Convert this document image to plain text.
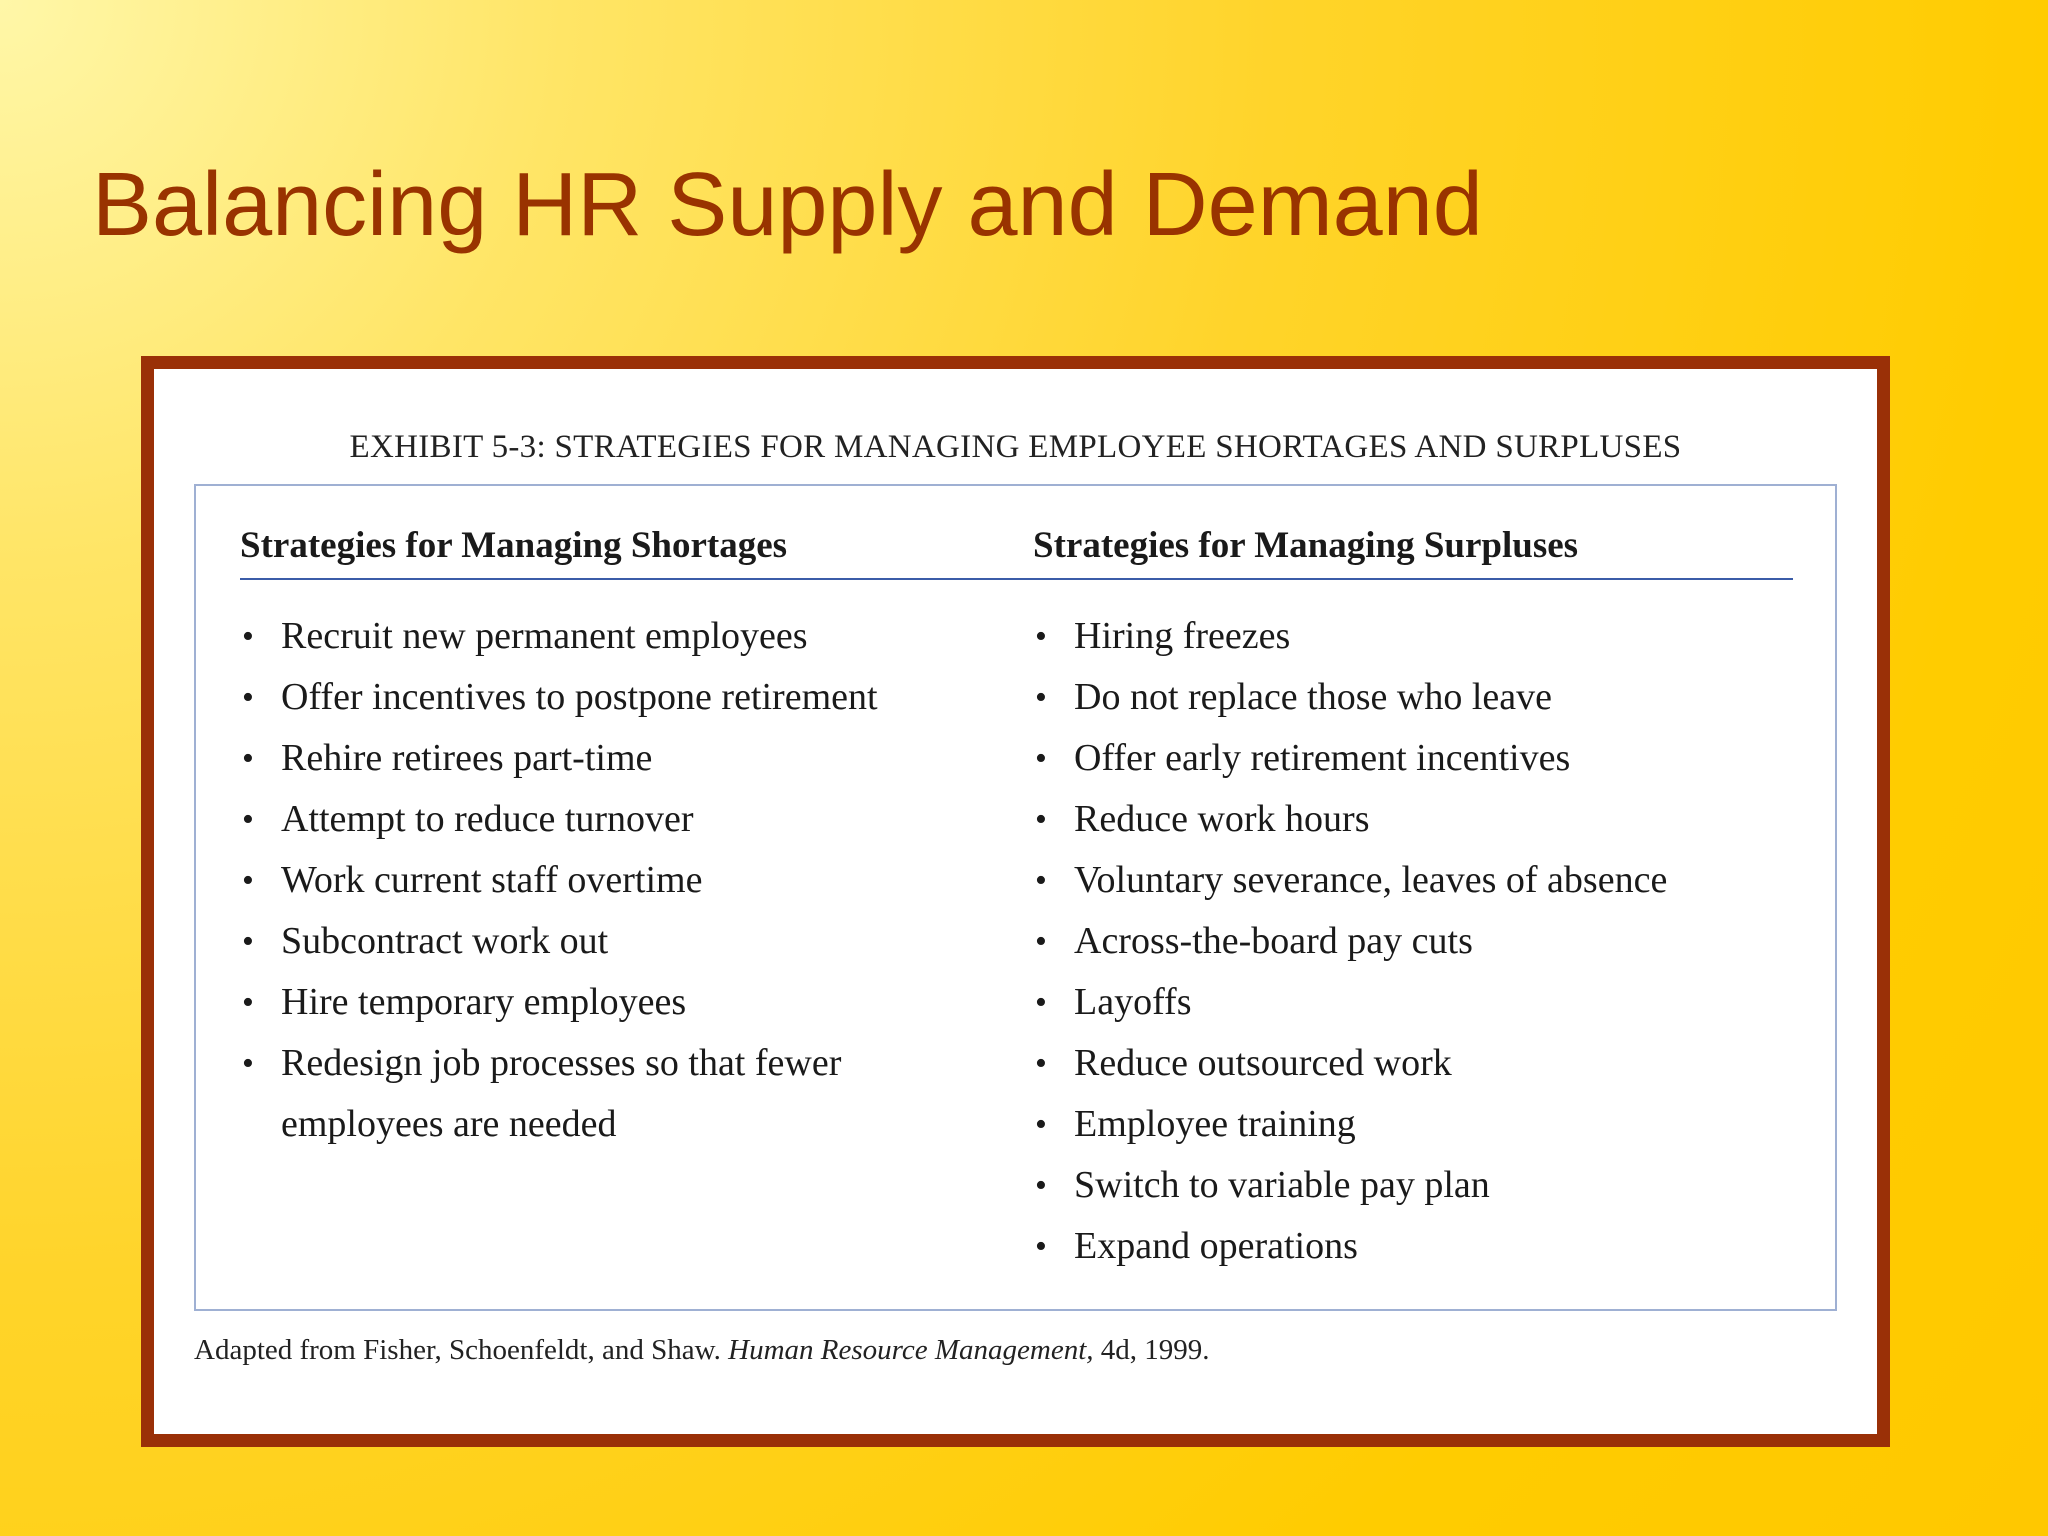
Balancing HR Supply and Demand
EXHIBIT 5-3: STRATEGIES FOR MANAGING EMPLOYEE SHORTAGES AND SURPLUSES
Strategies for Managing Shortages
• Recruit new permanent employees
• Offer incentives to postpone retirement
• Rehire retirees part-time
• Attempt to reduce turnover
• Work current staff overtime
• Subcontract work out
• Hire temporary employees
• Redesign job processes so that fewer employees are needed
Strategies for Managing Surpluses
• Hiring freezes
• Do not replace those who leave
• Offer early retirement incentives
• Reduce work hours
• Voluntary severance, leaves of absence
• Across-the-board pay cuts
• Layoffs
• Reduce outsourced work
• Employee training
• Switch to variable pay plan
• Expand operations
Adapted from Fisher, Schoenfeldt, and Shaw. Human Resource Management, 4d, 1999.
